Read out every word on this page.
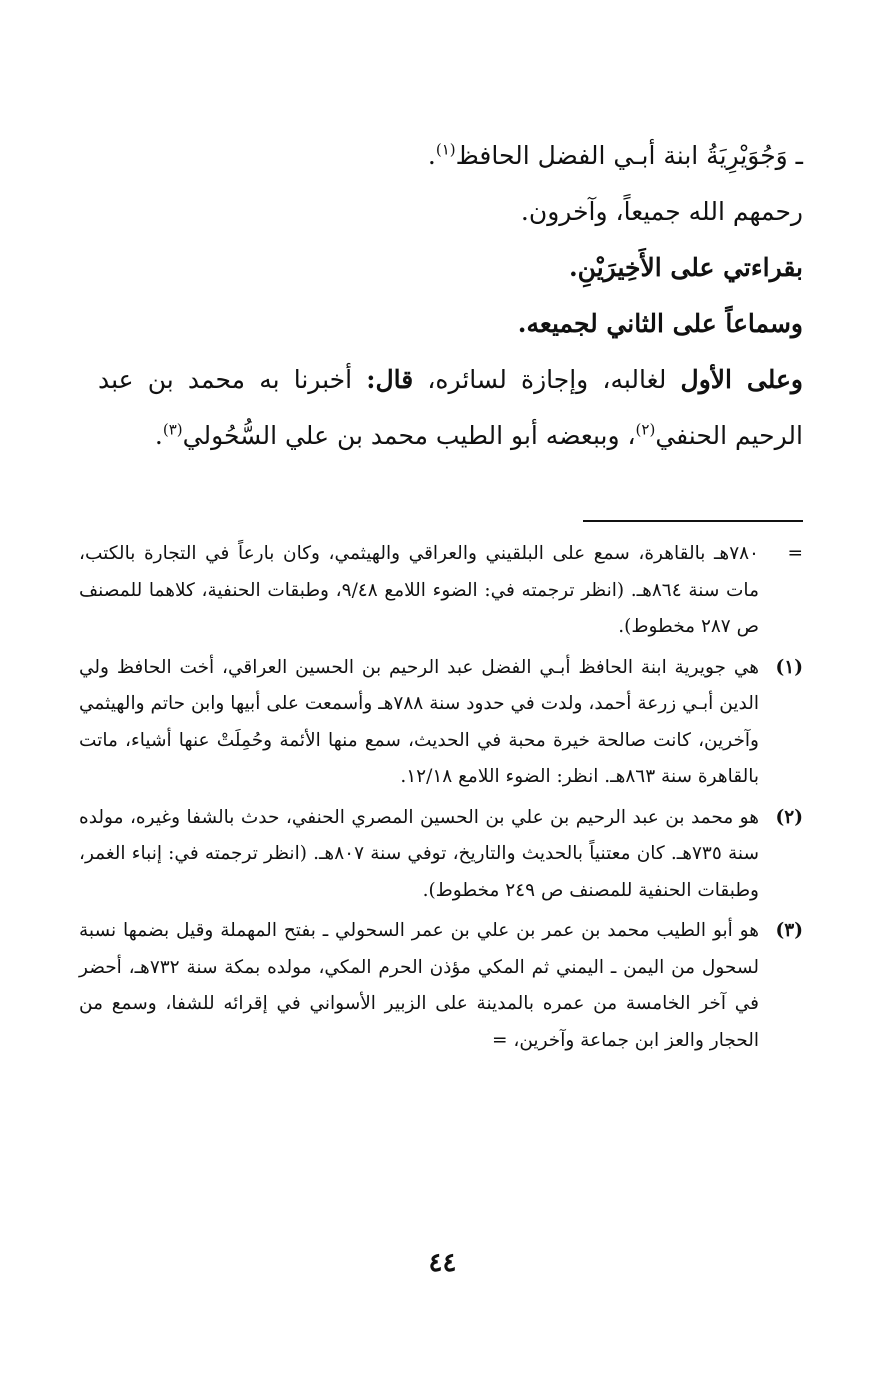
ـ وَجُوَيْرِيَةُ ابنة أبـي الفضل الحافظ$^{(١)}$.

رحمهم الله جميعاً، وآخرون.

بقراءتي على الأَخِيرَيْنِ.

وسماعاً على الثاني لجميعه.

وعلى الأول لغالبه، وإجازة لسائره، قال: أخبرنا به محمد بن عبد الرحيم الحنفي$^{(٢)}$، وببعضه أبو الطيب محمد بن علي السُّحُولي$^{(٣)}$.

=
٧٨٠هـ بالقاهرة، سمع على البلقيني والعراقي والهيثمي، وكان بارعاً في التجارة بالكتب، مات سنة ٨٦٤هـ. (انظر ترجمته في: الضوء اللامع ٩/٤٨، وطبقات الحنفية، كلاهما للمصنف ص ٢٨٧ مخطوط).
(١)
هي جويرية ابنة الحافظ أبـي الفضل عبد الرحيم بن الحسين العراقي، أخت الحافظ ولي الدين أبـي زرعة أحمد، ولدت في حدود سنة ٧٨٨هـ وأسمعت على أبيها وابن حاتم والهيثمي وآخرين، كانت صالحة خيرة محبة في الحديث، سمع منها الأئمة وحُمِلَتْ عنها أشياء، ماتت بالقاهرة سنة ٨٦٣هـ. انظر: الضوء اللامع ١٢/١٨.
(٢)
هو محمد بن عبد الرحيم بن علي بن الحسين المصري الحنفي، حدث بالشفا وغيره، مولده سنة ٧٣٥هـ. كان معتنياً بالحديث والتاريخ، توفي سنة ٨٠٧هـ. (انظر ترجمته في: إنباء الغمر، وطبقات الحنفية للمصنف ص ٢٤٩ مخطوط).
(٣)
هو أبو الطيب محمد بن عمر بن علي بن عمر السحولي ـ بفتح المهملة وقيل بضمها نسبة لسحول من اليمن ـ اليمني ثم المكي مؤذن الحرم المكي، مولده بمكة سنة ٧٣٢هـ، أحضر في آخر الخامسة من عمره بالمدينة على الزبير الأسواني في إقرائه للشفا، وسمع من الحجار والعز ابن جماعة وآخرين، =
٤٤
